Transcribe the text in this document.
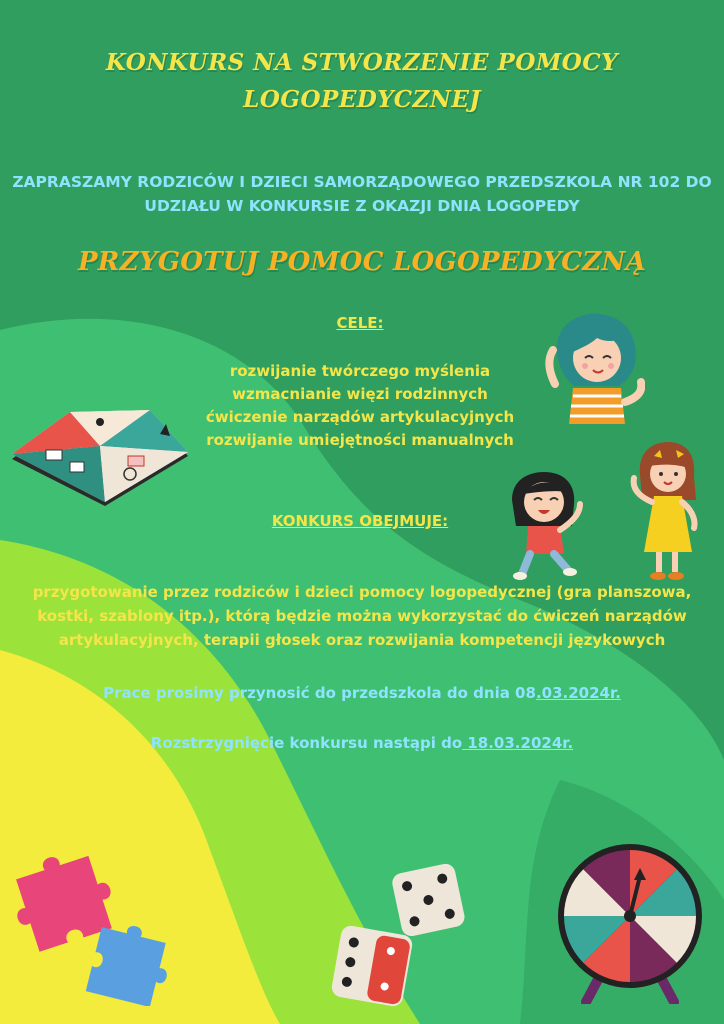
KONKURS NA STWORZENIE POMOCY
LOGOPEDYCZNEJ
ZAPRASZAMY RODZICÓW I DZIECI SAMORZĄDOWEGO PRZEDSZKOLA NR 102 DO
UDZIAŁU W KONKURSIE Z OKAZJI DNIA LOGOPEDY
PRZYGOTUJ POMOC LOGOPEDYCZNĄ
CELE:
rozwijanie twórczego myślenia
wzmacnianie więzi rodzinnych
ćwiczenie narządów artykulacyjnych
rozwijanie umiejętności manualnych
KONKURS OBEJMUJE:
przygotowanie przez rodziców i dzieci pomocy logopedycznej (gra planszowa,
kostki, szablony itp.), którą będzie można wykorzystać do ćwiczeń narządów
artykulacyjnych, terapii głosek oraz rozwijania kompetencji językowych
Prace prosimy przynosić do przedszkola do dnia 08.03.2024r.
Rozstrzygnięcie konkursu nastąpi do 18.03.2024r.
